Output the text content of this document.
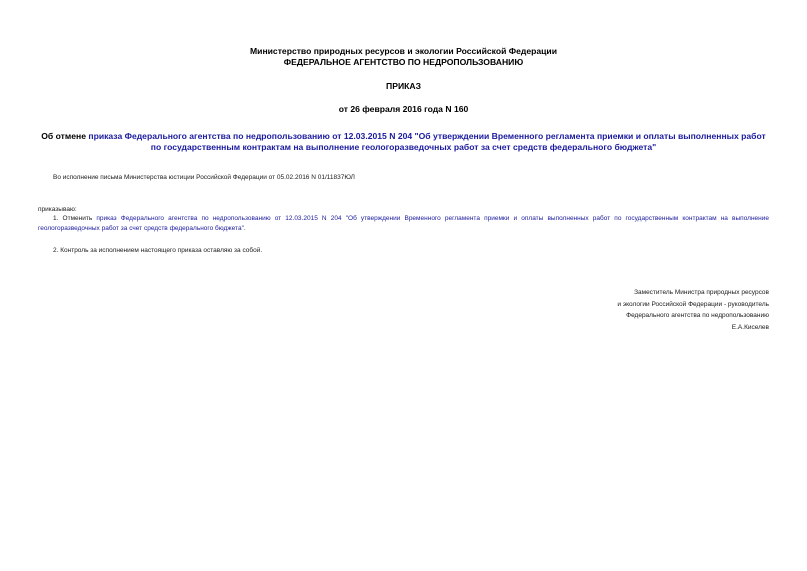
Министерство природных ресурсов и экологии Российской Федерации
ФЕДЕРАЛЬНОЕ АГЕНТСТВО ПО НЕДРОПОЛЬЗОВАНИЮ
ПРИКАЗ
от 26 февраля 2016 года N 160
Об отмене приказа Федерального агентства по недропользованию от 12.03.2015 N 204 "Об утверждении Временного регламента приемки и оплаты выполненных работ по государственным контрактам на выполнение геологоразведочных работ за счет средств федерального бюджета"
Во исполнение письма Министерства юстиции Российской Федерации от 05.02.2016 N 01/11837ЮЛ
приказываю:
1. Отменить приказ Федерального агентства по недропользованию от 12.03.2015 N 204 "Об утверждении Временного регламента приемки и оплаты выполненных работ по государственным контрактам на выполнение геологоразведочных работ за счет средств федерального бюджета".
2. Контроль за исполнением настоящего приказа оставляю за собой.
Заместитель Министра природных ресурсов
и экологии Российской Федерации - руководитель
Федерального агентства по недропользованию
Е.А.Киселев
